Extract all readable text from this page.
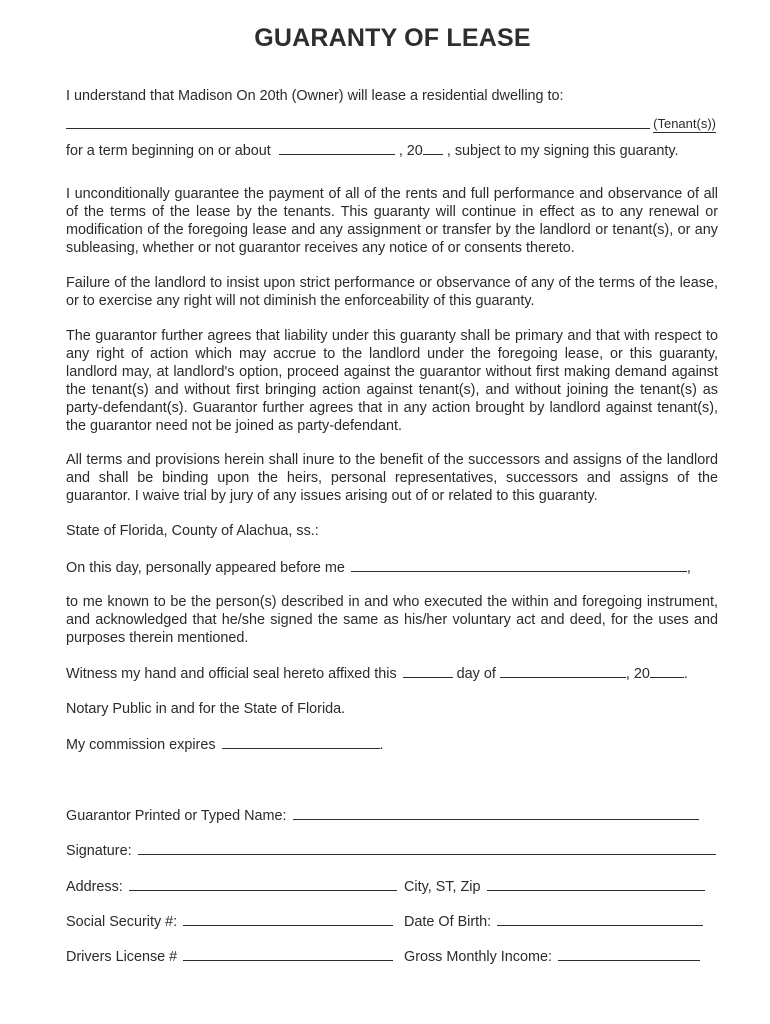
GUARANTY OF LEASE
I understand that Madison On 20th (Owner) will lease a residential dwelling to:
(Tenant(s))
for a term beginning on or about	, 20 , subject to my signing this guaranty.
I unconditionally guarantee the payment of all of the rents and full performance and observance of all of the terms of the lease by the tenants. This guaranty will continue in effect as to any renewal or modification of the foregoing lease and any assignment or transfer by the landlord or tenant(s), or any subleasing, whether or not guarantor receives any notice of or consents thereto.
Failure of the landlord to insist upon strict performance or observance of any of the terms of the lease, or to exercise any right will not diminish the enforceability of this guaranty.
The guarantor further agrees that liability under this guaranty shall be primary and that with respect to any right of action which may accrue to the landlord under the foregoing lease, or this guaranty, landlord may, at landlord's option, proceed against the guarantor without first making demand against the tenant(s) and without first bringing action against tenant(s), and without joining the tenant(s) as party-defendant(s). Guarantor further agrees that in any action brought by landlord against tenant(s), the guarantor need not be joined as party-defendant.
All terms and provisions herein shall inure to the benefit of the successors and assigns of the landlord and shall be binding upon the heirs, personal representatives, successors and assigns of the guarantor. I waive trial by jury of any issues arising out of or related to this guaranty.
State of Florida, County of Alachua, ss.:
On this day, personally appeared before me	,
to me known to be the person(s) described in and who executed the within and foregoing instrument, and acknowledged that he/she signed the same as his/her voluntary act and deed, for the uses and purposes therein mentioned.
Witness my hand and official seal hereto affixed this	day of	, 20 .
Notary Public in and for the State of Florida.
My commission expires	.
Guarantor Printed or Typed Name:
Signature:
Address:	City, ST, Zip
Social Security #:	Date Of Birth:
Drivers License #	Gross Monthly Income:
